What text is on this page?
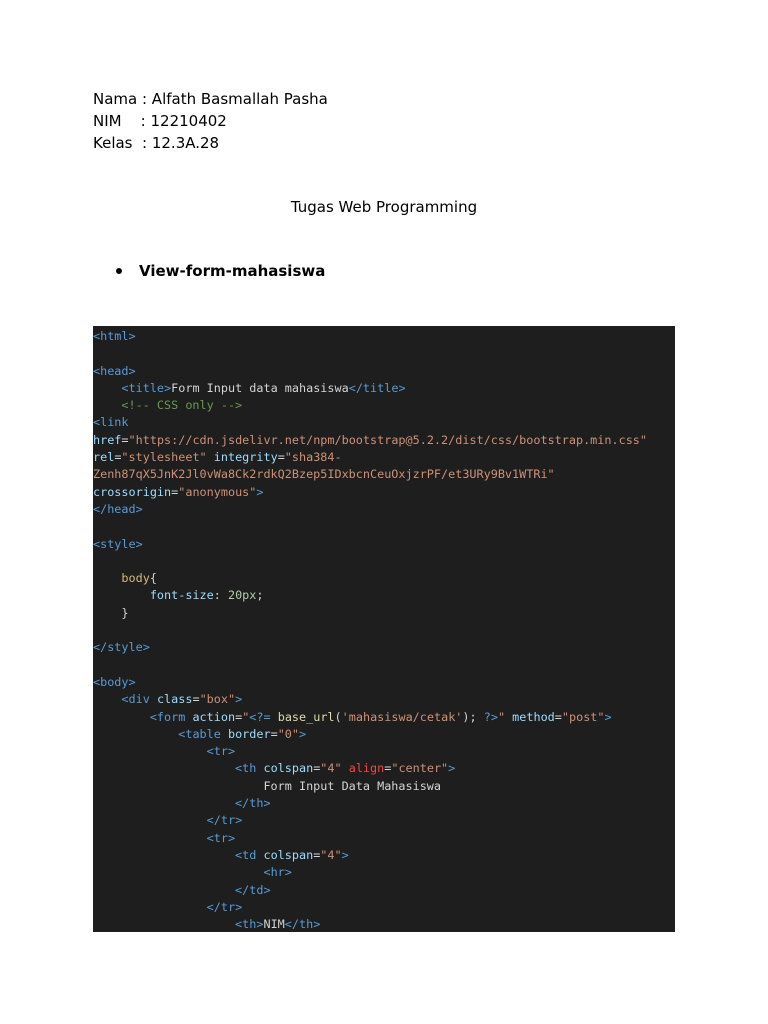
Nama : Alfath Basmallah Pasha
NIM    : 12210402
Kelas  : 12.3A.28
Tugas Web Programming
View-form-mahasiswa
<html>

<head>
<title>Form Input data mahasiswa</title>
<!-- CSS only -->
<link
href="https://cdn.jsdelivr.net/npm/bootstrap@5.2.2/dist/css/bootstrap.min.css"
rel="stylesheet" integrity="sha384-
Zenh87qX5JnK2Jl0vWa8Ck2rdkQ2Bzep5IDxbcnCeuOxjzrPF/et3URy9Bv1WTRi"
crossorigin="anonymous">
</head>

<style>

body{
font-size: 20px;
}

</style>

<body>
<div class="box">
<form action="<?= base_url('mahasiswa/cetak'); ?>" method="post">
<table border="0">
<tr>
<th colspan="4" align="center">
Form Input Data Mahasiswa
</th>
</tr>
<tr>
<td colspan="4">
<hr>
</td>
</tr>
<th>NIM</th>
